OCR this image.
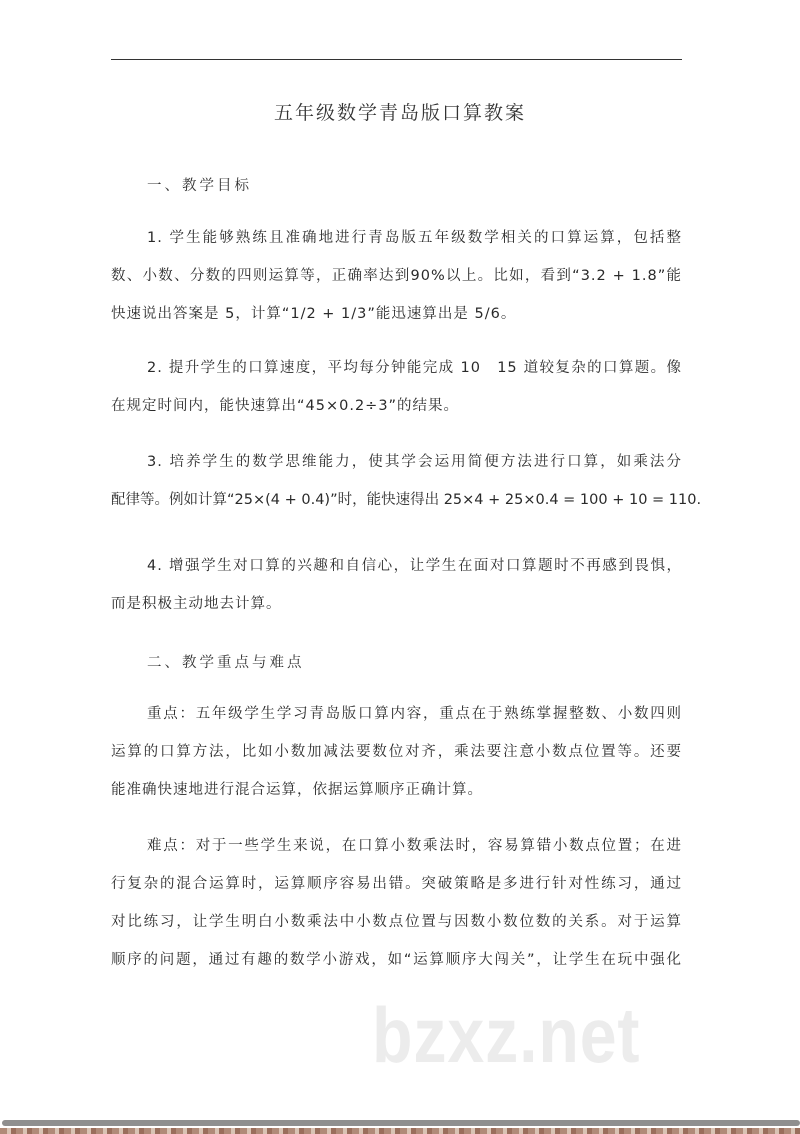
五年级数学青岛版口算教案
一、教学目标
1. 学生能够熟练且准确地进行青岛版五年级数学相关的口算运算，包括整
数、小数、分数的四则运算等，正确率达到90%以上。比如，看到“3.2 + 1.8”能
快速说出答案是 5，计算“1/2 + 1/3”能迅速算出是 5/6。
2. 提升学生的口算速度，平均每分钟能完成 10　15 道较复杂的口算题。像
在规定时间内，能快速算出“45×0.2÷3”的结果。
3. 培养学生的数学思维能力，使其学会运用简便方法进行口算，如乘法分
配律等。例如计算“25×(4 + 0.4)”时，能快速得出 25×4 + 25×0.4 = 100 + 10 = 110.
4. 增强学生对口算的兴趣和自信心，让学生在面对口算题时不再感到畏惧，
而是积极主动地去计算。
二、教学重点与难点
重点：五年级学生学习青岛版口算内容，重点在于熟练掌握整数、小数四则
运算的口算方法，比如小数加减法要数位对齐，乘法要注意小数点位置等。还要
能准确快速地进行混合运算，依据运算顺序正确计算。
难点：对于一些学生来说，在口算小数乘法时，容易算错小数点位置；在进
行复杂的混合运算时，运算顺序容易出错。突破策略是多进行针对性练习，通过
对比练习，让学生明白小数乘法中小数点位置与因数小数位数的关系。对于运算
顺序的问题，通过有趣的数学小游戏，如“运算顺序大闯关”，让学生在玩中强化
bzxz.net
